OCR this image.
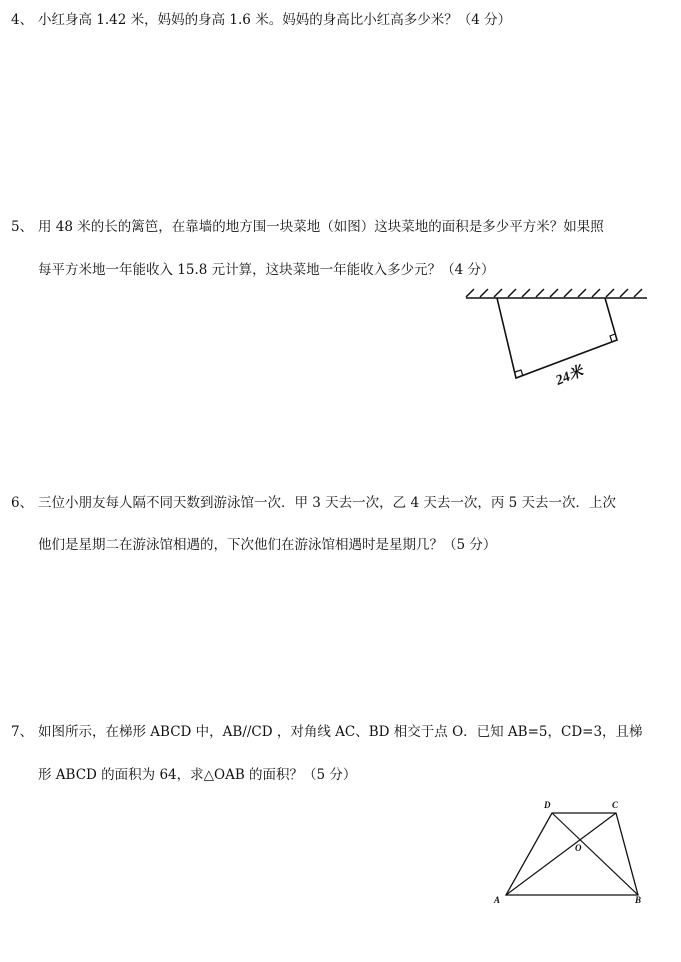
4、 小红身高 1.42 米，妈妈的身高 1.6 米。妈妈的身高比小红高多少米？（4 分）
5、 用 48 米的长的篱笆，在靠墙的地方围一块菜地（如图）这块菜地的面积是多少平方米？如果照
每平方米地一年能收入 15.8 元计算，这块菜地一年能收入多少元？（4 分）
24米
6、 三位小朋友每人隔不同天数到游泳馆一次．甲 3 天去一次，乙 4 天去一次，丙 5 天去一次．上次
他们是星期二在游泳馆相遇的，下次他们在游泳馆相遇时是星期几？（5 分）
7、 如图所示，在梯形 ABCD 中，AB//CD ，对角线 AC、BD 相交于点 O．已知 AB=5，CD=3，且梯
形 ABCD 的面积为 64，求△OAB 的面积？（5 分）
A	B
C
D
O
